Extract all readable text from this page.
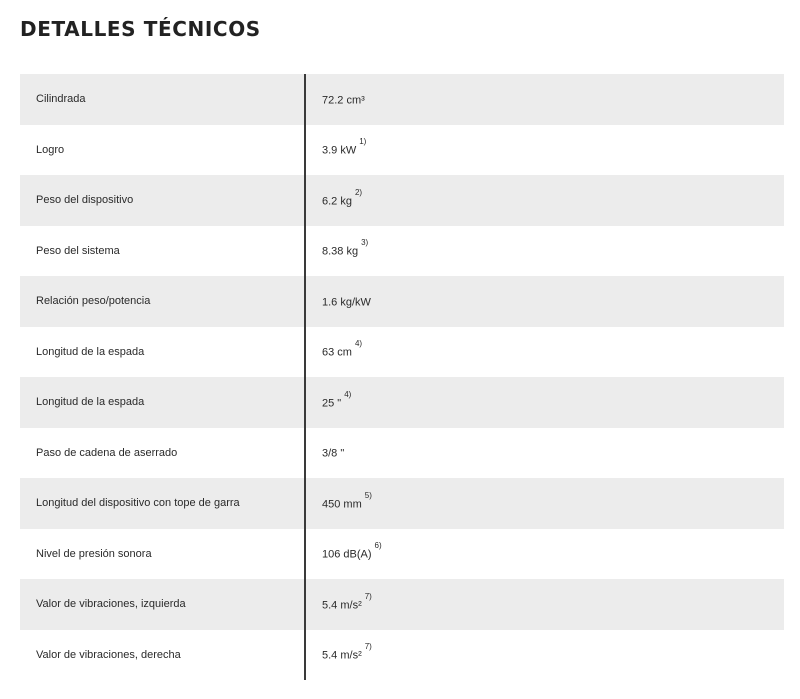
DETALLES TÉCNICOS
Cilindrada	72.2 cm³
Logro	3.9 kW$^{1)}$
Peso del dispositivo	6.2 kg$^{2)}$
Peso del sistema	8.38 kg$^{3)}$
Relación peso/potencia	1.6 kg/kW
Longitud de la espada	63 cm$^{4)}$
Longitud de la espada	25 "$^{4)}$
Paso de cadena de aserrado	3/8 "
Longitud del dispositivo con tope de garra	450 mm$^{5)}$
Nivel de presión sonora	106 dB(A)$^{6)}$
Valor de vibraciones, izquierda	5.4 m/s²$^{7)}$
Valor de vibraciones, derecha	5.4 m/s²$^{7)}$
